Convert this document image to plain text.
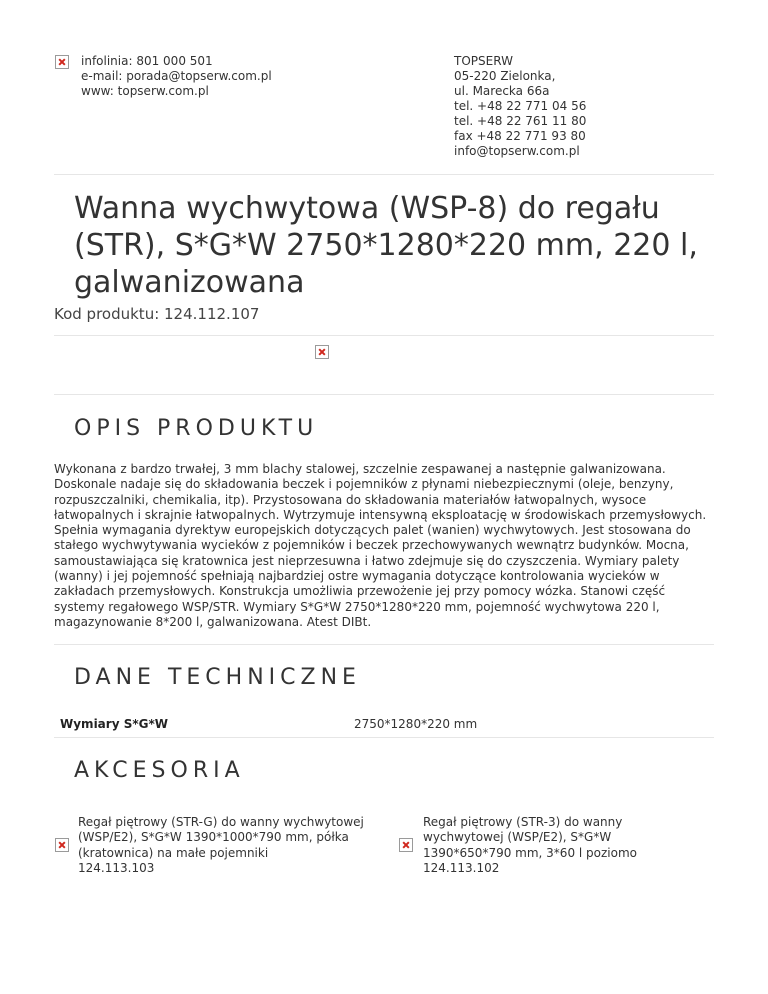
infolinia: 801 000 501
e-mail: porada@topserw.com.pl
www: topserw.com.pl
TOPSERW
05-220 Zielonka,
ul. Marecka 66a
tel. +48 22 771 04 56
tel. +48 22 761 11 80
fax +48 22 771 93 80
info@topserw.com.pl
Wanna wychwytowa (WSP-8) do regału (STR), S*G*W 2750*1280*220 mm, 220 l, galwanizowana
Kod produktu: 124.112.107
OPIS PRODUKTU
Wykonana z bardzo trwałej, 3 mm blachy stalowej, szczelnie zespawanej a następnie galwanizowana. Doskonale nadaje się do składowania beczek i pojemników z płynami niebezpiecznymi (oleje, benzyny, rozpuszczalniki, chemikalia, itp). Przystosowana do składowania materiałów łatwopalnych, wysoce łatwopalnych i skrajnie łatwopalnych. Wytrzymuje intensywną eksploatację w środowiskach przemysłowych. Spełnia wymagania dyrektyw europejskich dotyczących palet (wanien) wychwytowych. Jest stosowana do stałego wychwytywania wycieków z pojemników i beczek przechowywanych wewnątrz budynków. Mocna, samoustawiająca się kratownica jest nieprzesuwna i łatwo zdejmuje się do czyszczenia. Wymiary palety (wanny) i jej pojemność spełniają najbardziej ostre wymagania dotyczące kontrolowania wycieków w zakładach przemysłowych. Konstrukcja umożliwia przewożenie jej przy pomocy wózka. Stanowi część systemy regałowego WSP/STR. Wymiary S*G*W 2750*1280*220 mm, pojemność wychwytowa 220 l, magazynowanie 8*200 l, galwanizowana. Atest DIBt.
DANE TECHNICZNE
Wymiary S*G*W	2750*1280*220 mm
AKCESORIA
Regał piętrowy (STR-G) do wanny wychwytowej
(WSP/E2), S*G*W 1390*1000*790 mm, półka
(kratownica) na małe pojemniki
124.113.103
Regał piętrowy (STR-3) do wanny
wychwytowej (WSP/E2), S*G*W
1390*650*790 mm, 3*60 l poziomo
124.113.102
